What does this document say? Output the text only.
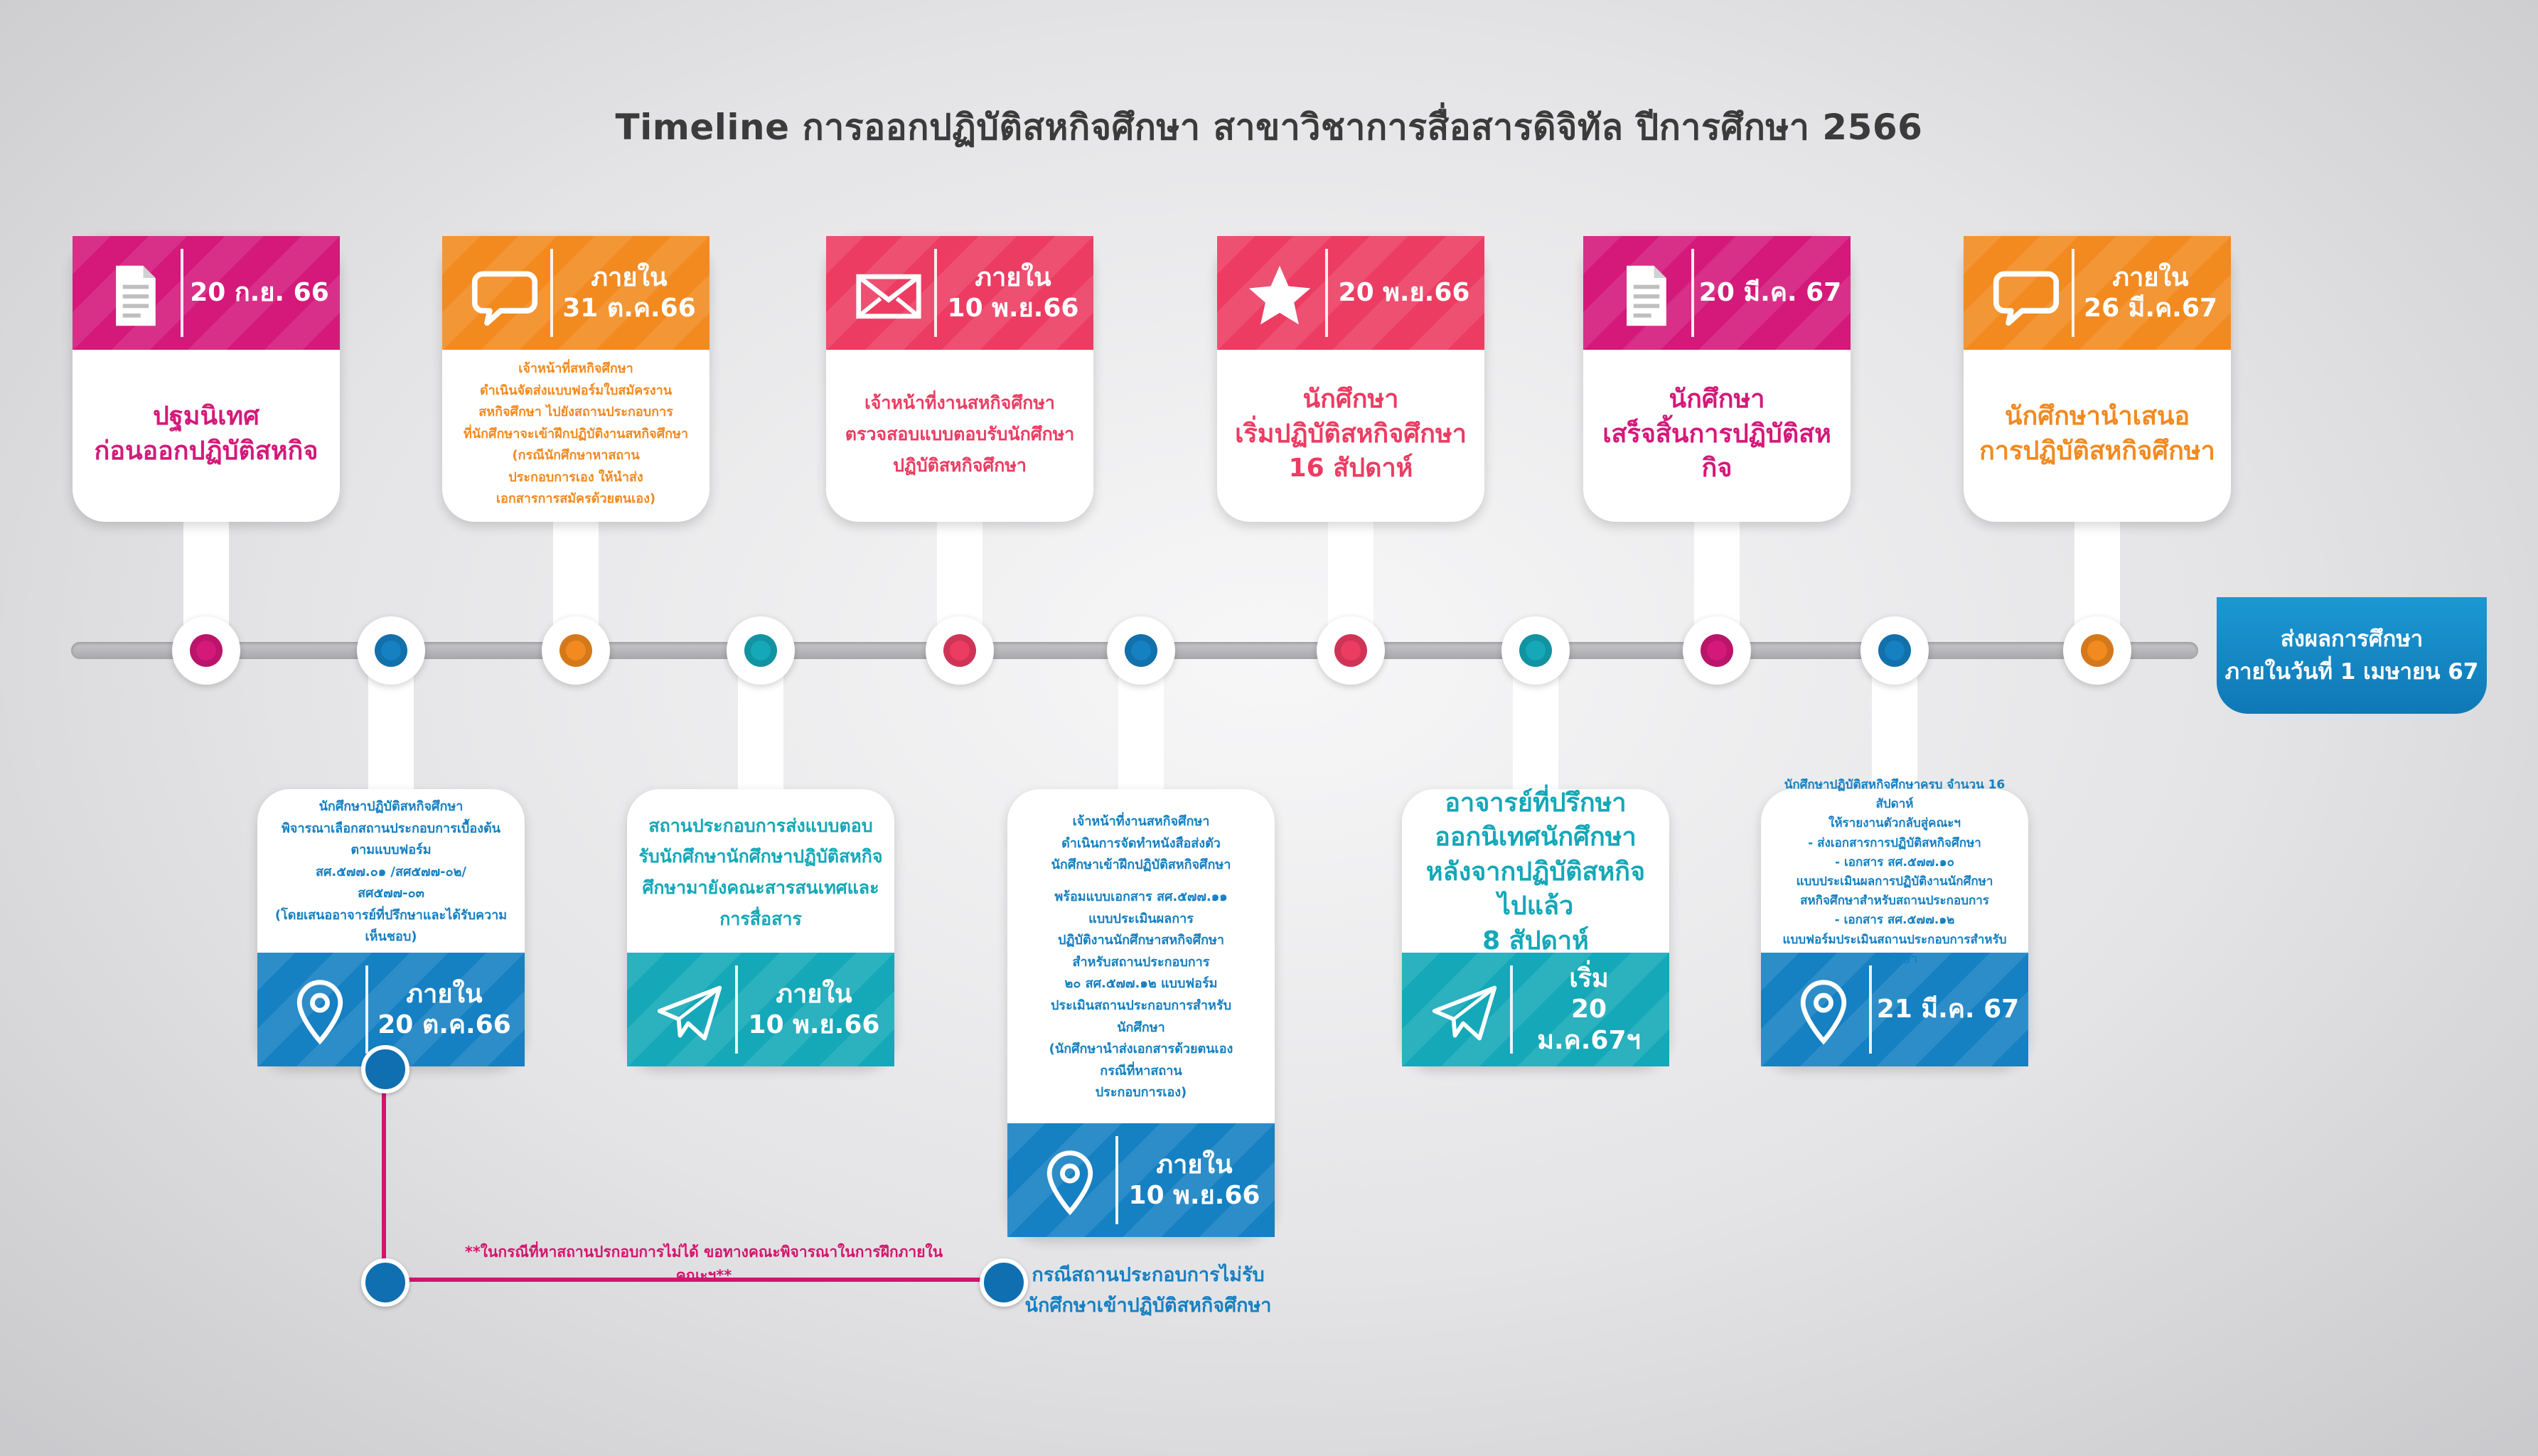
Timeline การออกปฏิบัติสหกิจศึกษา สาขาวิชาการสื่อสารดิจิทัล ปีการศึกษา 2566
20 ก.ย. 66
ปฐมนิเทศ
ก่อนออกปฏิบัติสหกิจ
ภายใน
31 ต.ค.66
เจ้าหน้าที่สหกิจศึกษา
ดำเนินจัดส่งแบบฟอร์มใบสมัครงาน
สหกิจศึกษา ไปยังสถานประกอบการ
ที่นักศึกษาจะเข้าฝึกปฏิบัติงานสหกิจศึกษา
(กรณีนักศึกษาหาสถาน
ประกอบการเอง ให้นำส่ง
เอกสารการสมัครด้วยตนเอง)
ภายใน
10 พ.ย.66
เจ้าหน้าที่งานสหกิจศึกษา
ตรวจสอบแบบตอบรับนักศึกษา
ปฏิบัติสหกิจศึกษา
20 พ.ย.66
นักศึกษา
เริ่มปฏิบัติสหกิจศึกษา
16 สัปดาห์
20 มี.ค. 67
นักศึกษา
เสร็จสิ้นการปฏิบัติสหกิจ
ภายใน
26 มี.ค.67
นักศึกษานำเสนอ
การปฏิบัติสหกิจศึกษา
ภายใน
20 ต.ค.66
นักศึกษาปฏิบัติสหกิจศึกษา
พิจารณาเลือกสถานประกอบการเบื้องต้น
ตามแบบฟอร์ม
สศ.๕๗๗.๐๑ /สศ๕๗๗-๐๒/
สศ๕๗๗-๐๓
(โดยเสนออาจารย์ที่ปรึกษาและได้รับความเห็นชอบ)
ภายใน
10 พ.ย.66
สถานประกอบการส่งแบบตอบ
รับนักศึกษานักศึกษาปฏิบัติสหกิจ
ศึกษามายังคณะสารสนเทศและการสื่อสาร
ภายใน
10 พ.ย.66
เจ้าหน้าที่งานสหกิจศึกษา
ดำเนินการจัดทำหนังสือส่งตัว
นักศึกษาเข้าฝึกปฏิบัติสหกิจศึกษา
พร้อมแบบเอกสาร สศ.๕๗๗.๑๑
แบบประเมินผลการ
ปฏิบัติงานนักศึกษาสหกิจศึกษา
สำหรับสถานประกอบการ
๒๐ สศ.๕๗๗.๑๒ แบบฟอร์ม
ประเมินสถานประกอบการสำหรับ
นักศึกษา
(นักศึกษานำส่งเอกสารด้วยตนเอง
กรณีที่หาสถาน
ประกอบการเอง)
เริ่ม
20 ม.ค.67ฯ
อาจารย์ที่ปรึกษา
ออกนิเทศนักศึกษา
หลังจากปฏิบัติสหกิจไปแล้ว
8 สัปดาห์
21 มี.ค. 67
นักศึกษาปฏิบัติสหกิจศึกษาครบ จำนวน 16 สัปดาห์
ให้รายงานตัวกลับสู่คณะฯ
- ส่งเอกสารการปฏิบัติสหกิจศึกษา
- เอกสาร สศ.๕๗๗.๑๐
แบบประเมินผลการปฏิบัติงานนักศึกษา
สหกิจศึกษาสำหรับสถานประกอบการ
- เอกสาร สศ.๕๗๗.๑๒
แบบฟอร์มประเมินสถานประกอบการสำหรับนักศึกษา
ส่งผลการศึกษา
ภายในวันที่ 1 เมษายน 67
**ในกรณีที่หาสถานปรกอบการไม่ได้ ขอทางคณะพิจารณาในการฝึกภายในคณะฯ**	กรณีสถานประกอบการไม่รับ
นักศึกษาเข้าปฏิบัติสหกิจศึกษา
